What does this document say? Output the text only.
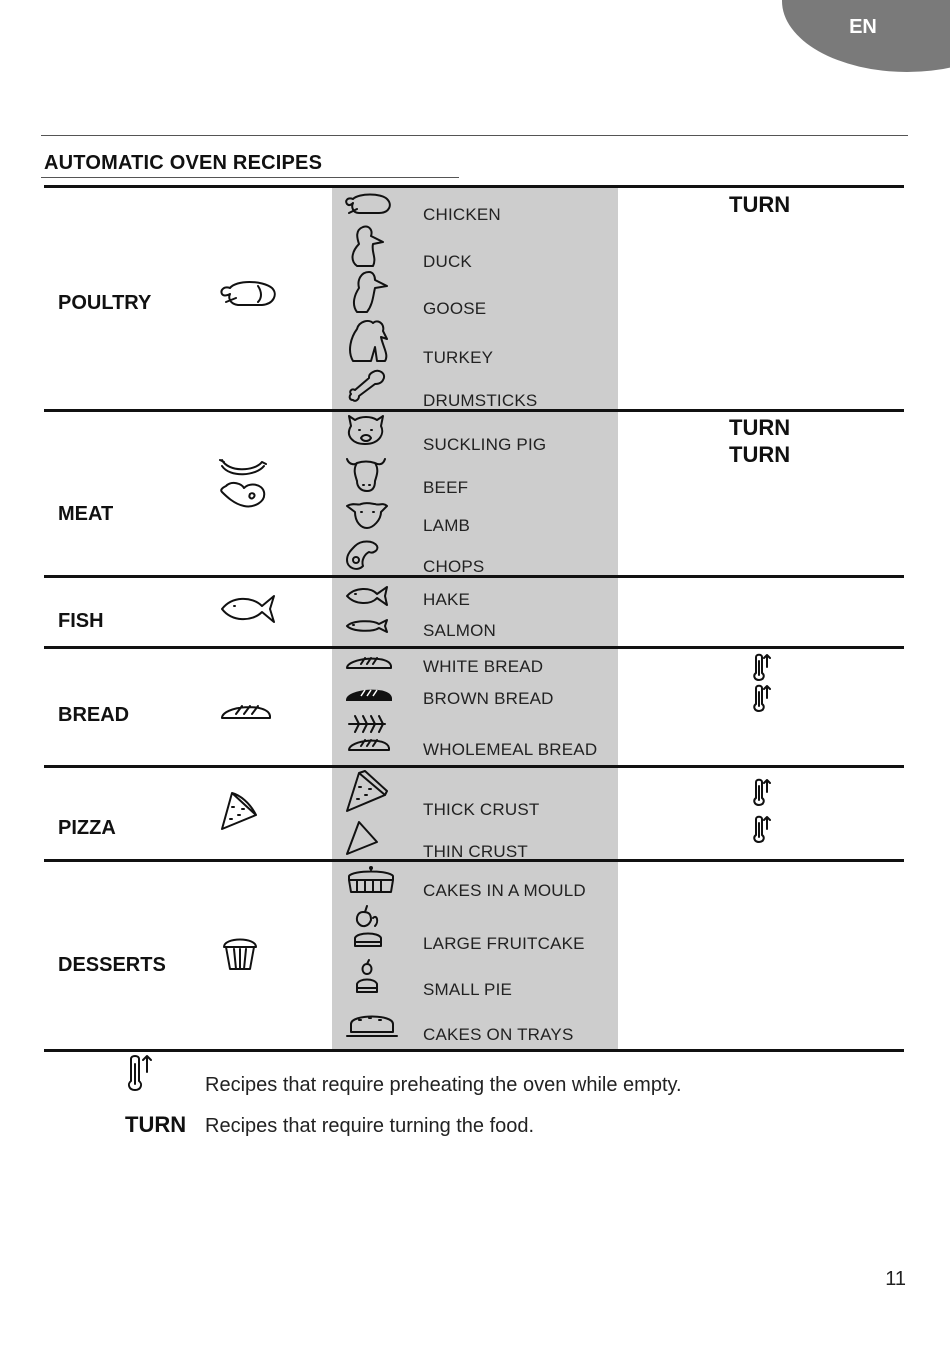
EN
AUTOMATIC OVEN RECIPES
POULTRY
MEAT
FISH
BREAD
PIZZA
DESSERTS
CHICKEN
DUCK
GOOSE
TURKEY
DRUMSTICKS
SUCKLING PIG
BEEF
LAMB
CHOPS
HAKE
SALMON
WHITE BREAD
BROWN BREAD
WHOLEMEAL BREAD
THICK CRUST
THIN CRUST
CAKES IN A MOULD
LARGE FRUITCAKE
SMALL PIE
CAKES ON TRAYS
TURN
TURN
TURN
Recipes that require preheating the oven while empty.
TURN Recipes that require turning the food.
11
